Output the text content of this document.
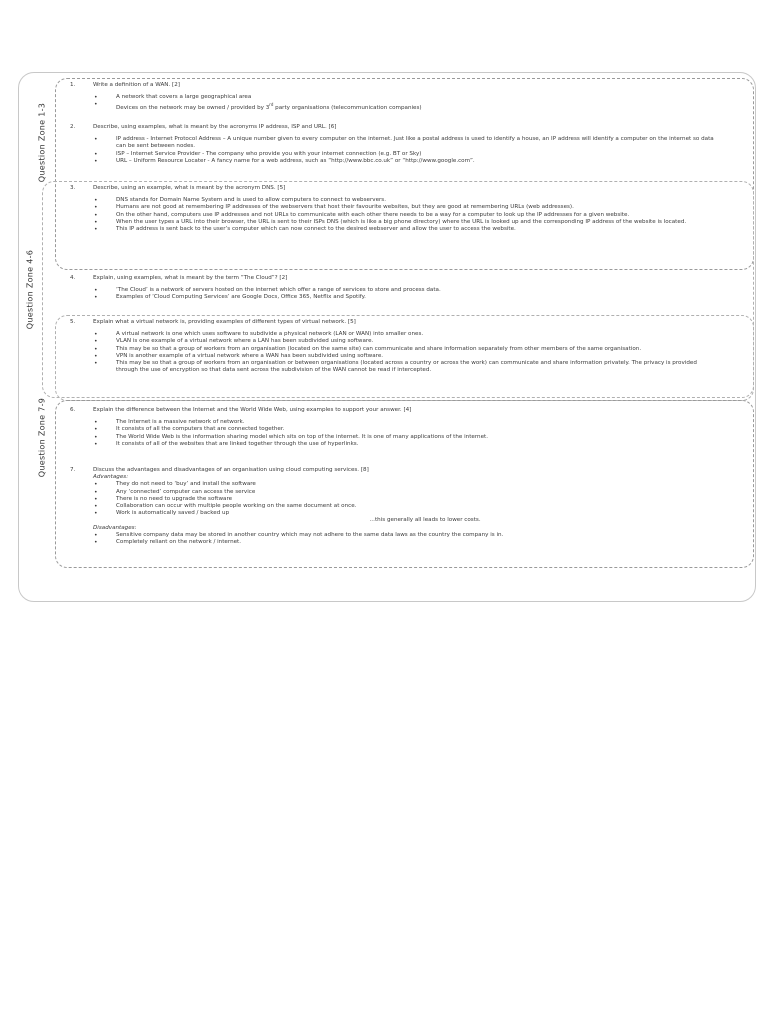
Question Zone 1-3
Question Zone 4-6
Question Zone 7-9
1.	Write a definition of a WAN. [2]
• A network that covers a large geographical area
• Devices on the network may be owned / provided by 3rd party organisations (telecommunication companies)
2.	Describe, using examples, what is meant by the acronyms IP address, ISP and URL. [6]
• IP address - Internet Protocol Address – A unique number given to every computer on the internet. Just like a postal address is used to identify a house, an IP address will identify a computer on the internet so data can be sent between nodes.
• ISP – Internet Service Provider - The company who provide you with your internet connection (e.g. BT or Sky)
• URL – Uniform Resource Locater - A fancy name for a web address, such as “http://www.bbc.co.uk” or “http://www.google.com”.
3.	Describe, using an example, what is meant by the acronym DNS. [5]
• DNS stands for Domain Name System and is used to allow computers to connect to webservers.
• Humans are not good at remembering IP addresses of the webservers that host their favourite websites, but they are good at remembering URLs (web addresses).
• On the other hand, computers use IP addresses and not URLs to communicate with each other there needs to be a way for a computer to look up the IP addresses for a given website.
• When the user types a URL into their browser, the URL is sent to their ISPs DNS (which is like a big phone directory) where the URL is looked up and the corresponding IP address of the website is located.
• This IP address is sent back to the user’s computer which can now connect to the desired webserver and allow the user to access the website.
4.	Explain, using examples, what is meant by the term “The Cloud”? [2]
• ‘The Cloud’ is a network of servers hosted on the internet which offer a range of services to store and process data.
• Examples of ‘Cloud Computing Services’ are Google Docs, Office 365, Netflix and Spotify.
5.	Explain what a virtual network is, providing examples of different types of virtual network. [5]
• A virtual network is one which uses software to subdivide a physical network (LAN or WAN) into smaller ones.
• VLAN is one example of a virtual network where a LAN has been subdivided using software.
• This may be so that a group of workers from an organisation (located on the same site) can communicate and share information separately from other members of the same organisation.
• VPN is another example of a virtual network where a WAN has been subdivided using software.
• This may be so that a group of workers from an organisation or between organisations (located across a country or across the work) can communicate and share information privately. The privacy is provided through the use of encryption so that data sent across the subdivision of the WAN cannot be read if intercepted.
6.	Explain the difference between the Internet and the World Wide Web, using examples to support your answer. [4]
• The Internet is a massive network of network.
• It consists of all the computers that are connected together.
• The World Wide Web is the information sharing model which sits on top of the internet. It is one of many applications of the internet.
• It consists of all of the websites that are linked together through the use of hyperlinks.
7.	Discuss the advantages and disadvantages of an organisation using cloud computing services. [8]
Advantages:
• They do not need to ‘buy’ and install the software
• Any ‘connected’ computer can access the service
• There is no need to upgrade the software
• Collaboration can occur with multiple people working on the same document at once.
• Work is automatically saved / backed up
…this generally all leads to lower costs.
Disadvantages:
• Sensitive company data may be stored in another country which may not adhere to the same data laws as the country the company is in.
• Completely reliant on the network / internet.
